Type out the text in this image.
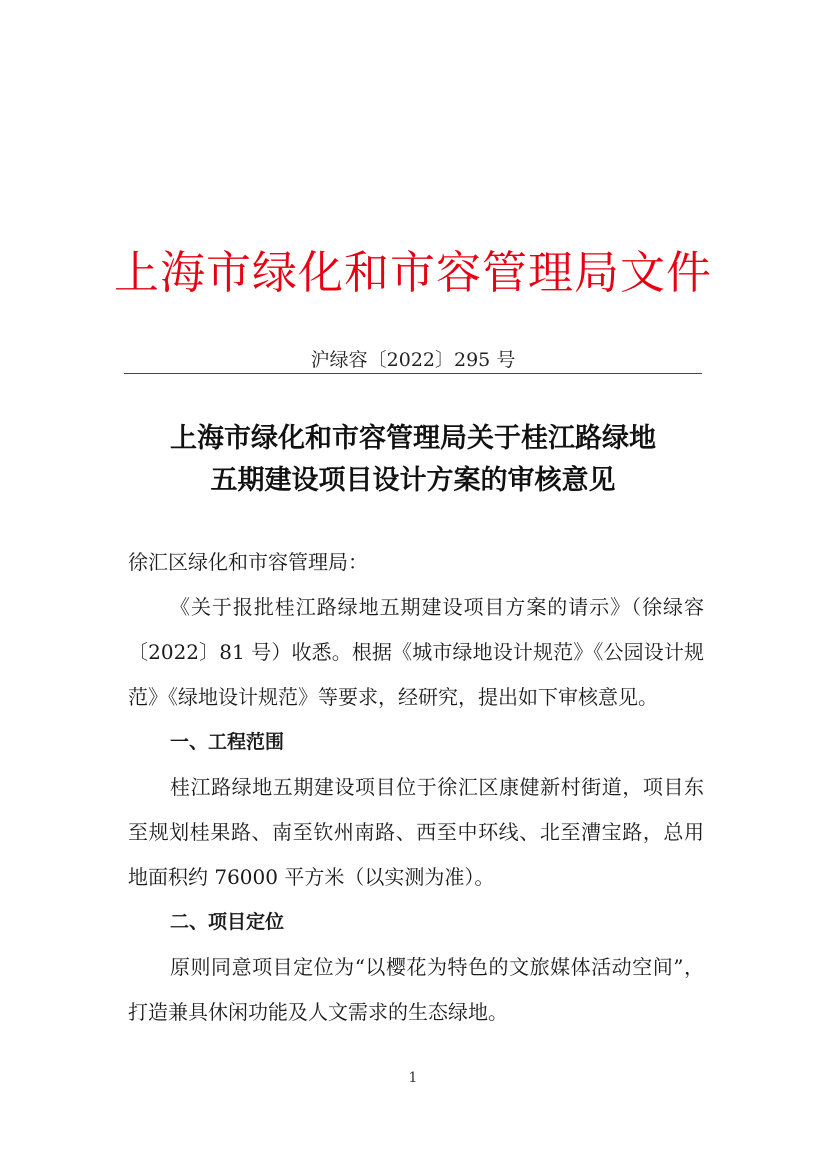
上海市绿化和市容管理局文件
沪绿容〔2022〕295 号
上海市绿化和市容管理局关于桂江路绿地
五期建设项目设计方案的审核意见

徐汇区绿化和市容管理局：

《关于报批桂江路绿地五期建设项目方案的请示》（徐绿容〔2022〕81 号）收悉。根据《城市绿地设计规范》《公园设计规范》《绿地设计规范》等要求，经研究，提出如下审核意见。

一、工程范围

桂江路绿地五期建设项目位于徐汇区康健新村街道，项目东至规划桂果路、南至钦州南路、西至中环线、北至漕宝路，总用地面积约 76000 平方米（以实测为准）。

二、项目定位

原则同意项目定位为“以樱花为特色的文旅媒体活动空间”，打造兼具休闲功能及人文需求的生态绿地。

1
